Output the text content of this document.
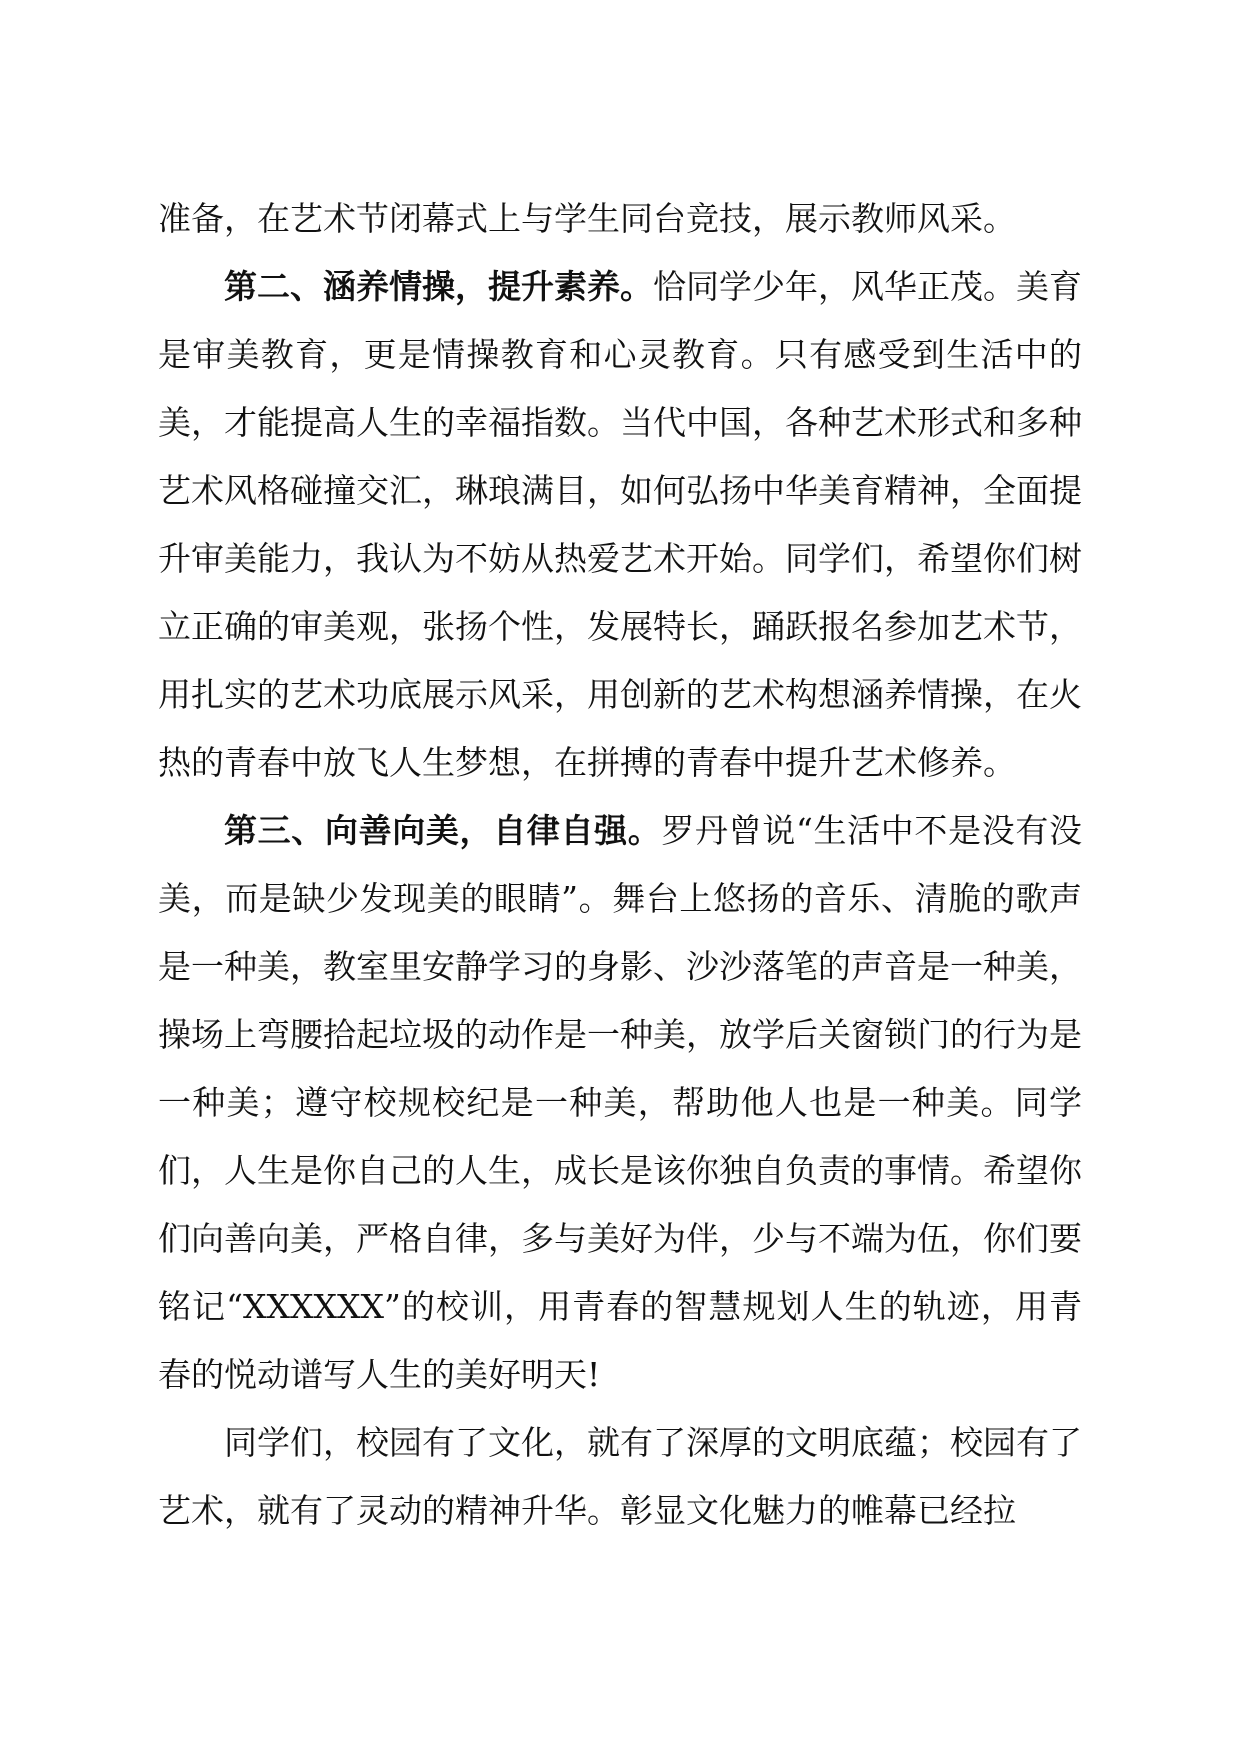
准备，在艺术节闭幕式上与学生同台竞技，展示教师风采。

第二、涵养情操，提升素养。恰同学少年，风华正茂。美育是审美教育，更是情操教育和心灵教育。只有感受到生活中的美，才能提高人生的幸福指数。当代中国，各种艺术形式和多种艺术风格碰撞交汇，琳琅满目，如何弘扬中华美育精神，全面提升审美能力，我认为不妨从热爱艺术开始。同学们，希望你们树立正确的审美观，张扬个性，发展特长，踊跃报名参加艺术节，用扎实的艺术功底展示风采，用创新的艺术构想涵养情操，在火热的青春中放飞人生梦想，在拼搏的青春中提升艺术修养。

第三、向善向美，自律自强。罗丹曾说“生活中不是没有没美，而是缺少发现美的眼睛”。舞台上悠扬的音乐、清脆的歌声是一种美，教室里安静学习的身影、沙沙落笔的声音是一种美，操场上弯腰拾起垃圾的动作是一种美，放学后关窗锁门的行为是一种美；遵守校规校纪是一种美，帮助他人也是一种美。同学们，人生是你自己的人生，成长是该你独自负责的事情。希望你们向善向美，严格自律，多与美好为伴，少与不端为伍，你们要铭记“XXXXXX”的校训，用青春的智慧规划人生的轨迹，用青春的悦动谱写人生的美好明天!

同学们，校园有了文化，就有了深厚的文明底蕴；校园有了艺术，就有了灵动的精神升华。彰显文化魅力的帷幕已经拉
